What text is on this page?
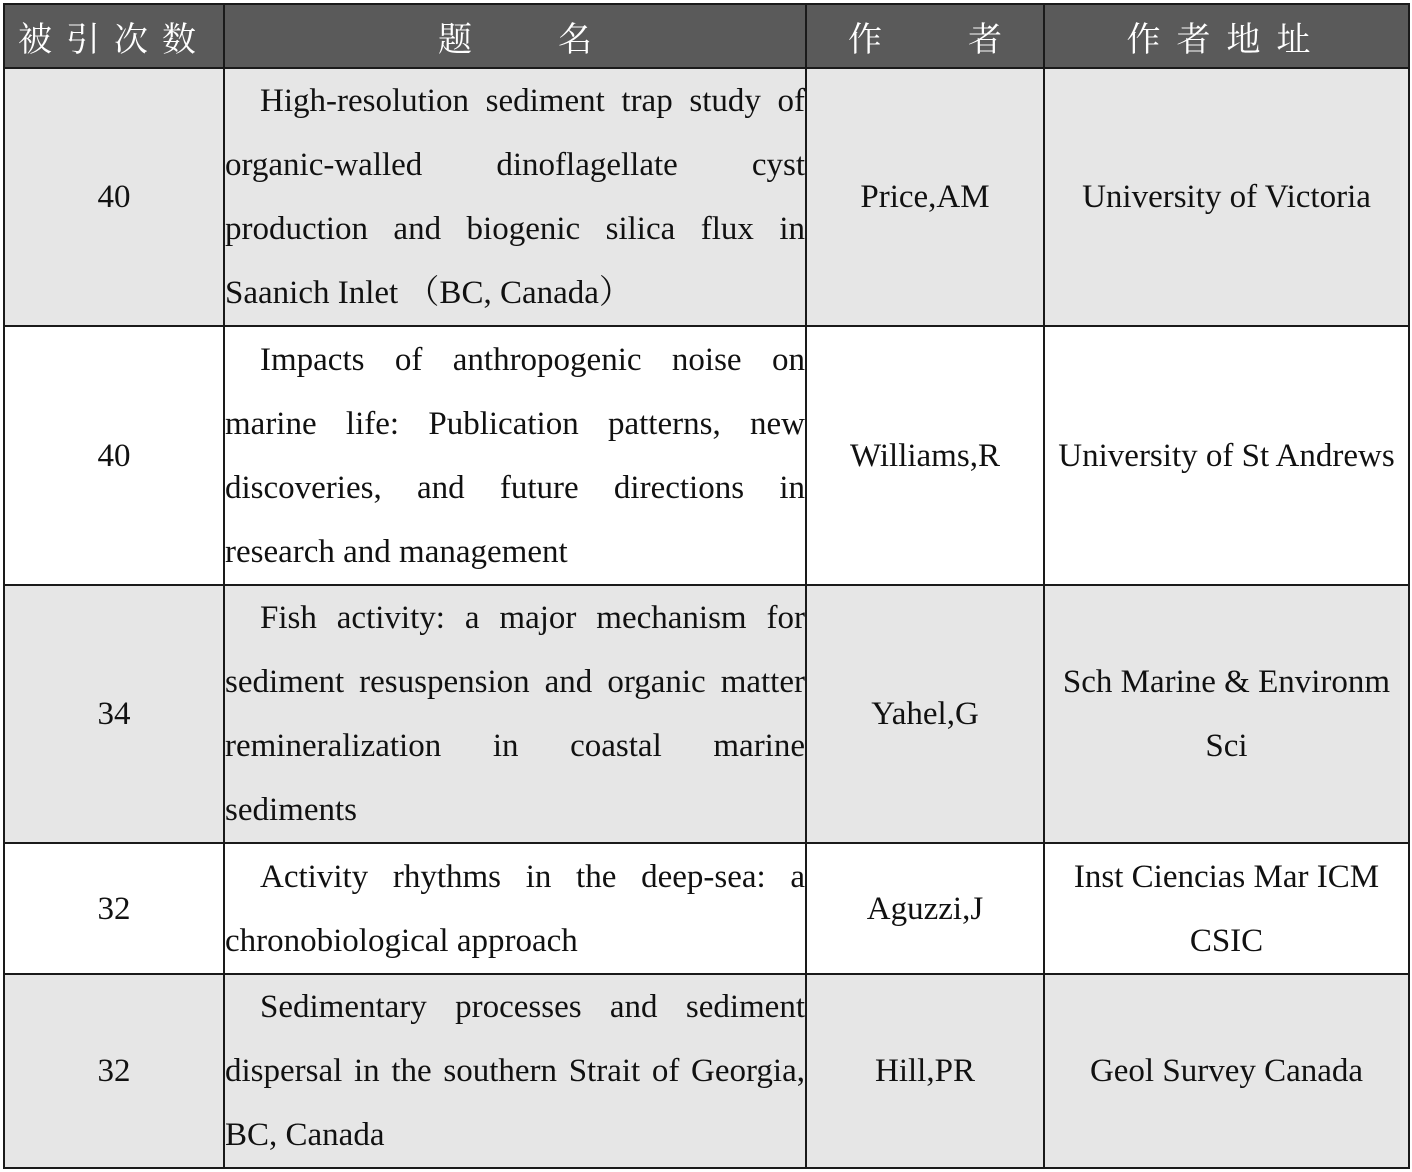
被引次数	题 名	作 者	作者地址
40	High-resolution sediment trap study of organic-walled dinoflagellate cyst production and biogenic silica flux in Saanich Inlet （BC, Canada）	Price,AM	University of Victoria
40	Impacts of anthropogenic noise on marine life: Publication patterns, new discoveries, and future directions in research and management	Williams,R	University of St Andrews
34	Fish activity: a major mechanism for sediment resuspension and organic matter remineralization in coastal marine sediments	Yahel,G	Sch Marine & Environm Sci
32	Activity rhythms in the deep-sea: a chronobiological approach	Aguzzi,J	Inst Ciencias Mar ICM CSIC
32	Sedimentary processes and sediment dispersal in the southern Strait of Georgia, BC, Canada	Hill,PR	Geol Survey Canada
